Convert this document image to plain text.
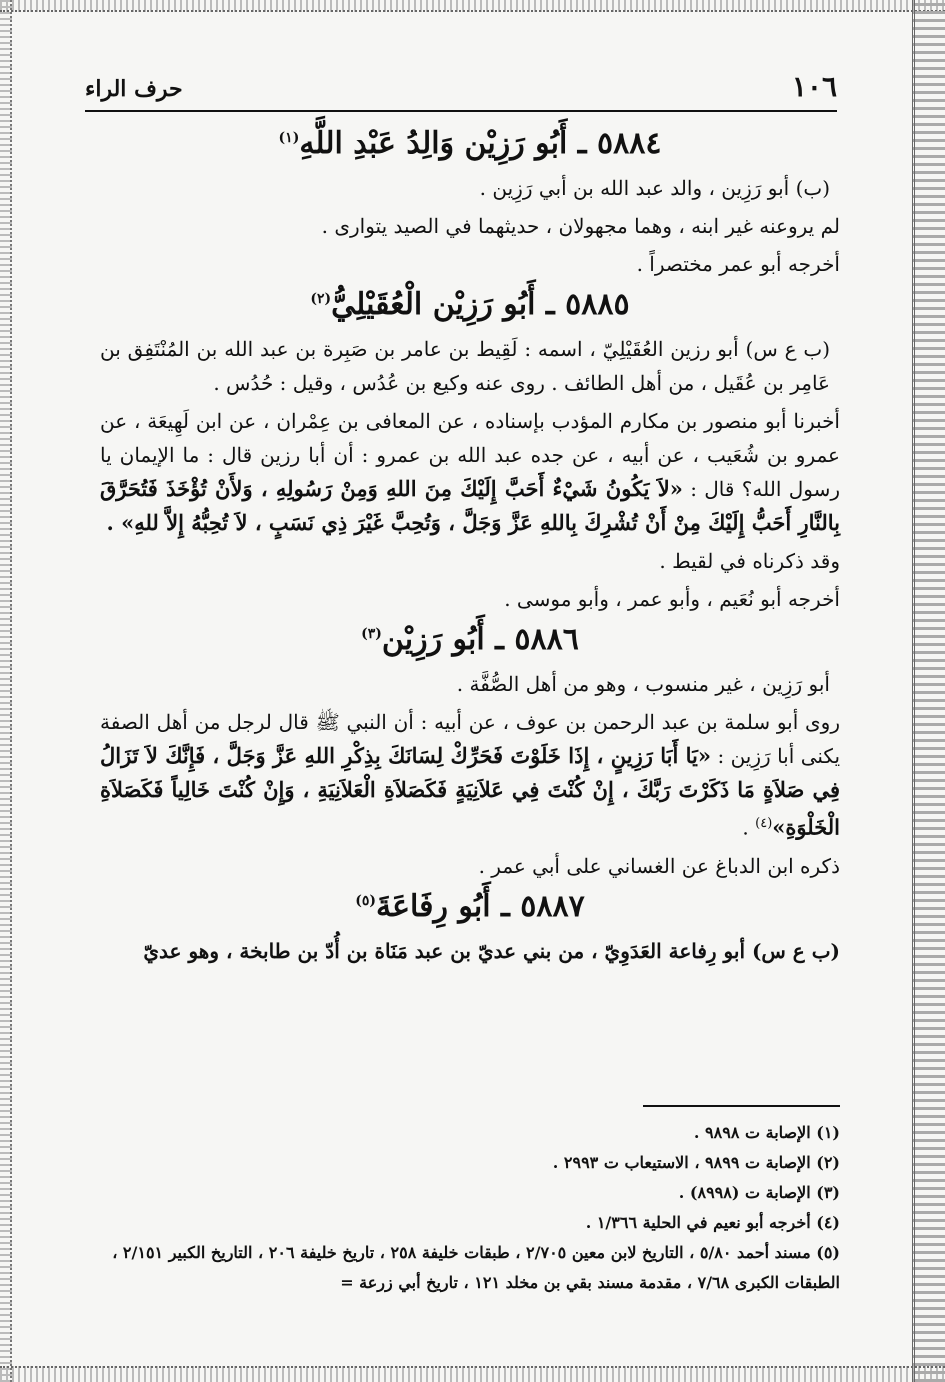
١٠٦
حرف الراء
٥٨٨٤ ـ أَبُو رَزِيْن وَالِدُ عَبْدِ اللَّهِ$^{(١)}$

(ب) أبو رَزِين ، والد عبد الله بن أبي رَزِين .

لم يروعنه غير ابنه ، وهما مجهولان ، حديثهما في الصيد يتوارى .

أخرجه أبو عمر مختصراً .

٥٨٨٥ ـ أَبُو رَزِيْن الْعُقَيْلِيُّ$^{(٢)}$

(ب ع س) أبو رزين العُقَيْلِيّ ، اسمه : لَقِيط بن عامر بن صَبِرة بن عبد الله بن المُنْتَفِق بن عَامِر بن عُقَيل ، من أهل الطائف . روى عنه وكيع بن عُدُس ، وقيل : حُدُس .

أخبرنا أبو منصور بن مكارم المؤدب بإسناده ، عن المعافى بن عِمْران ، عن ابن لَهِيعَة ، عن عمرو بن شُعَيب ، عن أبيه ، عن جده عبد الله بن عمرو : أن أبا رزين قال : ما الإيمان يا رسول الله؟ قال : «لاَ يَكُونُ شَيْءٌ أَحَبَّ إِلَيْكَ مِنَ اللهِ وَمِنْ رَسُولِهِ ، وَلأَنْ تُؤْخَذَ فَتُحَرَّقَ بِالنَّارِ أَحَبُّ إِلَيْكَ مِنْ أَنْ تُشْرِكَ بِاللهِ عَزَّ وَجَلَّ ، وَتُحِبَّ غَيْرَ ذِي نَسَبٍ ، لاَ تُحِبُّهُ إِلاَّ للهِ» .

وقد ذكرناه في لقيط .

أخرجه أبو نُعَيم ، وأبو عمر ، وأبو موسى .

٥٨٨٦ ـ أَبُو رَزِيْن$^{(٣)}$

أبو رَزِين ، غير منسوب ، وهو من أهل الصُّفَّة .

روى أبو سلمة بن عبد الرحمن بن عوف ، عن أبيه : أن النبي ﷺ قال لرجل من أهل الصفة يكنى أبا رَزِين : «يَا أَبَا رَزِينٍ ، إِذَا خَلَوْتَ فَحَرِّكْ لِسَانَكَ بِذِكْرِ اللهِ عَزَّ وَجَلَّ ، فَإِنَّكَ لاَ تَزَالُ فِي صَلاَةٍ مَا ذَكَرْتَ رَبَّكَ ، إِنْ كُنْتَ فِي عَلاَنِيَةٍ فَكَصَلاَةِ الْعَلاَنِيَةِ ، وَإِنْ كُنْتَ خَالِياً فَكَصَلاَةِ الْخَلْوَةِ»$^{(٤)}$ .

ذكره ابن الدباغ عن الغساني على أبي عمر .

٥٨٨٧ ـ أَبُو رِفَاعَةَ$^{(٥)}$

(ب ع س) أبو رِفاعة العَدَوِيّ ، من بني عديّ بن عبد مَنَاة بن أُدّ بن طابخة ، وهو عديّ

(١) الإصابة ت ٩٨٩٨ .

(٢) الإصابة ت ٩٨٩٩ ، الاستيعاب ت ٢٩٩٣ .

(٣) الإصابة ت (٨٩٩٨) .

(٤) أخرجه أبو نعيم في الحلية ١/٣٦٦ .

(٥) مسند أحمد ٥/٨٠ ، التاريخ لابن معين ٢/٧٠٥ ، طبقات خليفة ٢٥٨ ، تاريخ خليفة ٢٠٦ ، التاريخ الكبير ٢/١٥١ ، الطبقات الكبرى ٧/٦٨ ، مقدمة مسند بقي بن مخلد ١٢١ ، تاريخ أبي زرعة =
